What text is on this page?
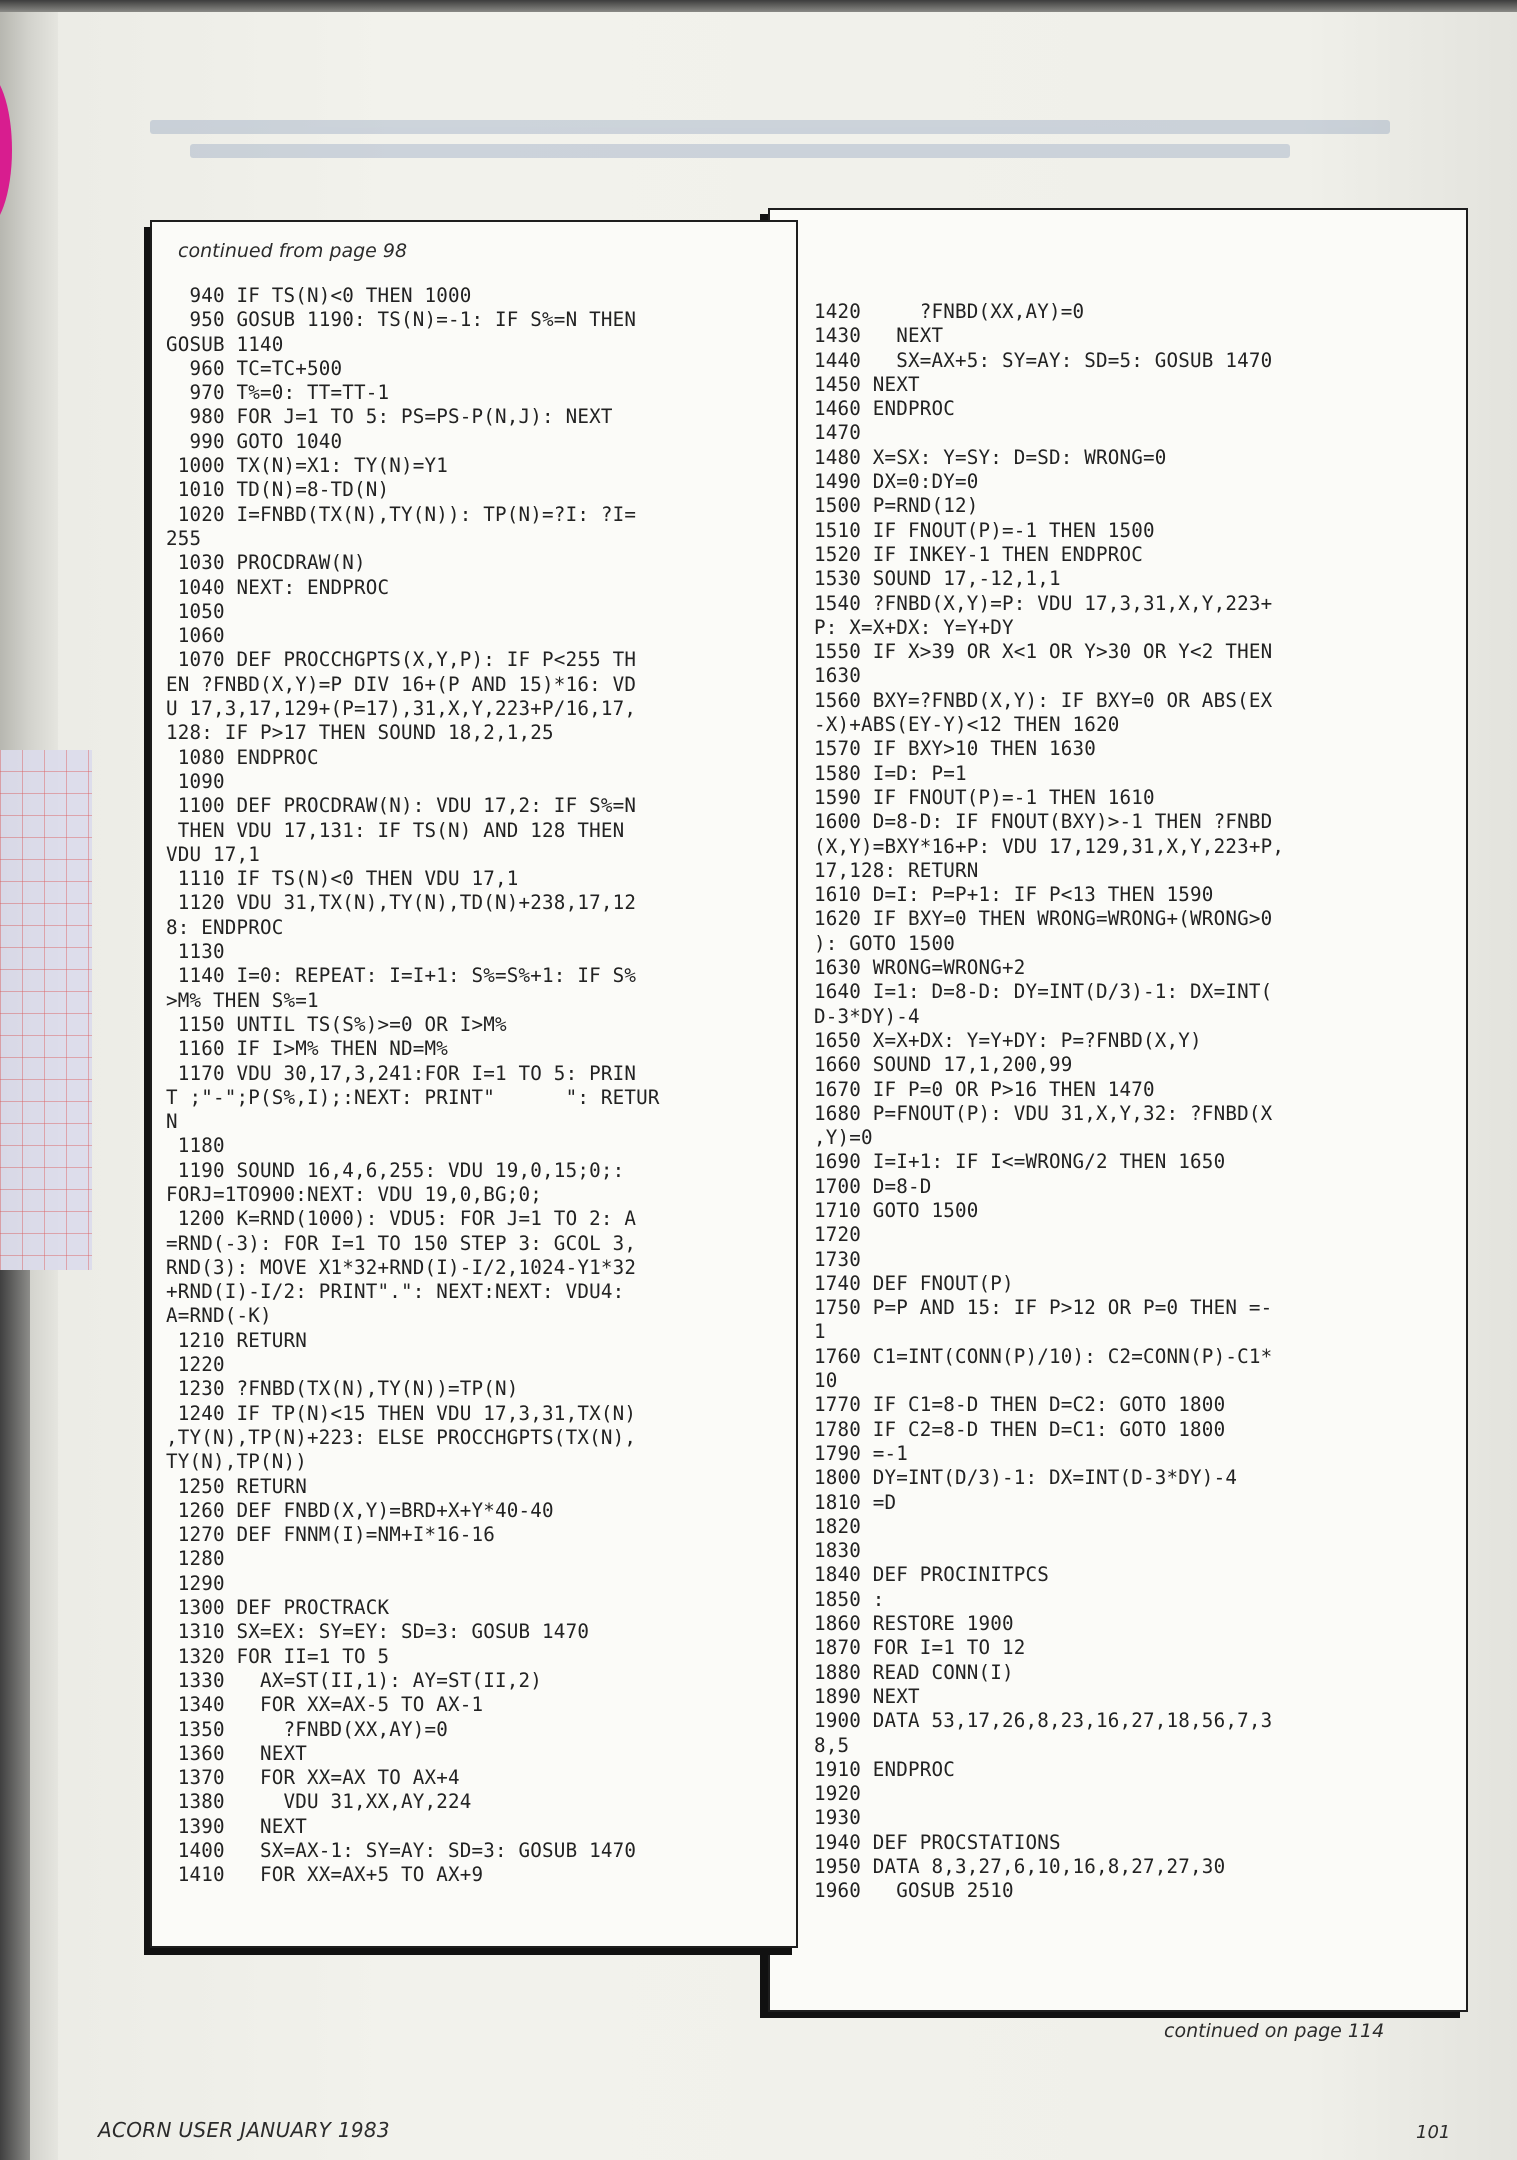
continued from page 98
940 IF TS(N)<0 THEN 1000
950 GOSUB 1190: TS(N)=-1: IF S%=N THEN
GOSUB 1140
960 TC=TC+500
970 T%=0: TT=TT-1
980 FOR J=1 TO 5: PS=PS-P(N,J): NEXT
990 GOTO 1040
1000 TX(N)=X1: TY(N)=Y1
1010 TD(N)=8-TD(N)
1020 I=FNBD(TX(N),TY(N)): TP(N)=?I: ?I=
255
1030 PROCDRAW(N)
1040 NEXT: ENDPROC
1050
1060
1070 DEF PROCCHGPTS(X,Y,P): IF P<255 TH
EN ?FNBD(X,Y)=P DIV 16+(P AND 15)*16: VD
U 17,3,17,129+(P=17),31,X,Y,223+P/16,17,
128: IF P>17 THEN SOUND 18,2,1,25
1080 ENDPROC
1090
1100 DEF PROCDRAW(N): VDU 17,2: IF S%=N
THEN VDU 17,131: IF TS(N) AND 128 THEN
VDU 17,1
1110 IF TS(N)<0 THEN VDU 17,1
1120 VDU 31,TX(N),TY(N),TD(N)+238,17,12
8: ENDPROC
1130
1140 I=0: REPEAT: I=I+1: S%=S%+1: IF S%
>M% THEN S%=1
1150 UNTIL TS(S%)>=0 OR I>M%
1160 IF I>M% THEN ND=M%
1170 VDU 30,17,3,241:FOR I=1 TO 5: PRIN
T ;"-";P(S%,I);:NEXT: PRINT"      ": RETUR
N
1180
1190 SOUND 16,4,6,255: VDU 19,0,15;0;:
FORJ=1TO900:NEXT: VDU 19,0,BG;0;
1200 K=RND(1000): VDU5: FOR J=1 TO 2: A
=RND(-3): FOR I=1 TO 150 STEP 3: GCOL 3,
RND(3): MOVE X1*32+RND(I)-I/2,1024-Y1*32
+RND(I)-I/2: PRINT".": NEXT:NEXT: VDU4:
A=RND(-K)
1210 RETURN
1220
1230 ?FNBD(TX(N),TY(N))=TP(N)
1240 IF TP(N)<15 THEN VDU 17,3,31,TX(N)
,TY(N),TP(N)+223: ELSE PROCCHGPTS(TX(N),
TY(N),TP(N))
1250 RETURN
1260 DEF FNBD(X,Y)=BRD+X+Y*40-40
1270 DEF FNNM(I)=NM+I*16-16
1280
1290
1300 DEF PROCTRACK
1310 SX=EX: SY=EY: SD=3: GOSUB 1470
1320 FOR II=1 TO 5
1330   AX=ST(II,1): AY=ST(II,2)
1340   FOR XX=AX-5 TO AX-1
1350     ?FNBD(XX,AY)=0
1360   NEXT
1370   FOR XX=AX TO AX+4
1380     VDU 31,XX,AY,224
1390   NEXT
1400   SX=AX-1: SY=AY: SD=3: GOSUB 1470
1410   FOR XX=AX+5 TO AX+9

1420     ?FNBD(XX,AY)=0
1430   NEXT
1440   SX=AX+5: SY=AY: SD=5: GOSUB 1470
1450 NEXT
1460 ENDPROC
1470
1480 X=SX: Y=SY: D=SD: WRONG=0
1490 DX=0:DY=0
1500 P=RND(12)
1510 IF FNOUT(P)=-1 THEN 1500
1520 IF INKEY-1 THEN ENDPROC
1530 SOUND 17,-12,1,1
1540 ?FNBD(X,Y)=P: VDU 17,3,31,X,Y,223+
P: X=X+DX: Y=Y+DY
1550 IF X>39 OR X<1 OR Y>30 OR Y<2 THEN
1630
1560 BXY=?FNBD(X,Y): IF BXY=0 OR ABS(EX
-X)+ABS(EY-Y)<12 THEN 1620
1570 IF BXY>10 THEN 1630
1580 I=D: P=1
1590 IF FNOUT(P)=-1 THEN 1610
1600 D=8-D: IF FNOUT(BXY)>-1 THEN ?FNBD
(X,Y)=BXY*16+P: VDU 17,129,31,X,Y,223+P,
17,128: RETURN
1610 D=I: P=P+1: IF P<13 THEN 1590
1620 IF BXY=0 THEN WRONG=WRONG+(WRONG>0
): GOTO 1500
1630 WRONG=WRONG+2
1640 I=1: D=8-D: DY=INT(D/3)-1: DX=INT(
D-3*DY)-4
1650 X=X+DX: Y=Y+DY: P=?FNBD(X,Y)
1660 SOUND 17,1,200,99
1670 IF P=0 OR P>16 THEN 1470
1680 P=FNOUT(P): VDU 31,X,Y,32: ?FNBD(X
,Y)=0
1690 I=I+1: IF I<=WRONG/2 THEN 1650
1700 D=8-D
1710 GOTO 1500
1720
1730
1740 DEF FNOUT(P)
1750 P=P AND 15: IF P>12 OR P=0 THEN =-
1
1760 C1=INT(CONN(P)/10): C2=CONN(P)-C1*
10
1770 IF C1=8-D THEN D=C2: GOTO 1800
1780 IF C2=8-D THEN D=C1: GOTO 1800
1790 =-1
1800 DY=INT(D/3)-1: DX=INT(D-3*DY)-4
1810 =D
1820
1830
1840 DEF PROCINITPCS
1850 :
1860 RESTORE 1900
1870 FOR I=1 TO 12
1880 READ CONN(I)
1890 NEXT
1900 DATA 53,17,26,8,23,16,27,18,56,7,3
8,5
1910 ENDPROC
1920
1930
1940 DEF PROCSTATIONS
1950 DATA 8,3,27,6,10,16,8,27,27,30
1960   GOSUB 2510

continued on page 114
ACORN USER JANUARY 1983	101
